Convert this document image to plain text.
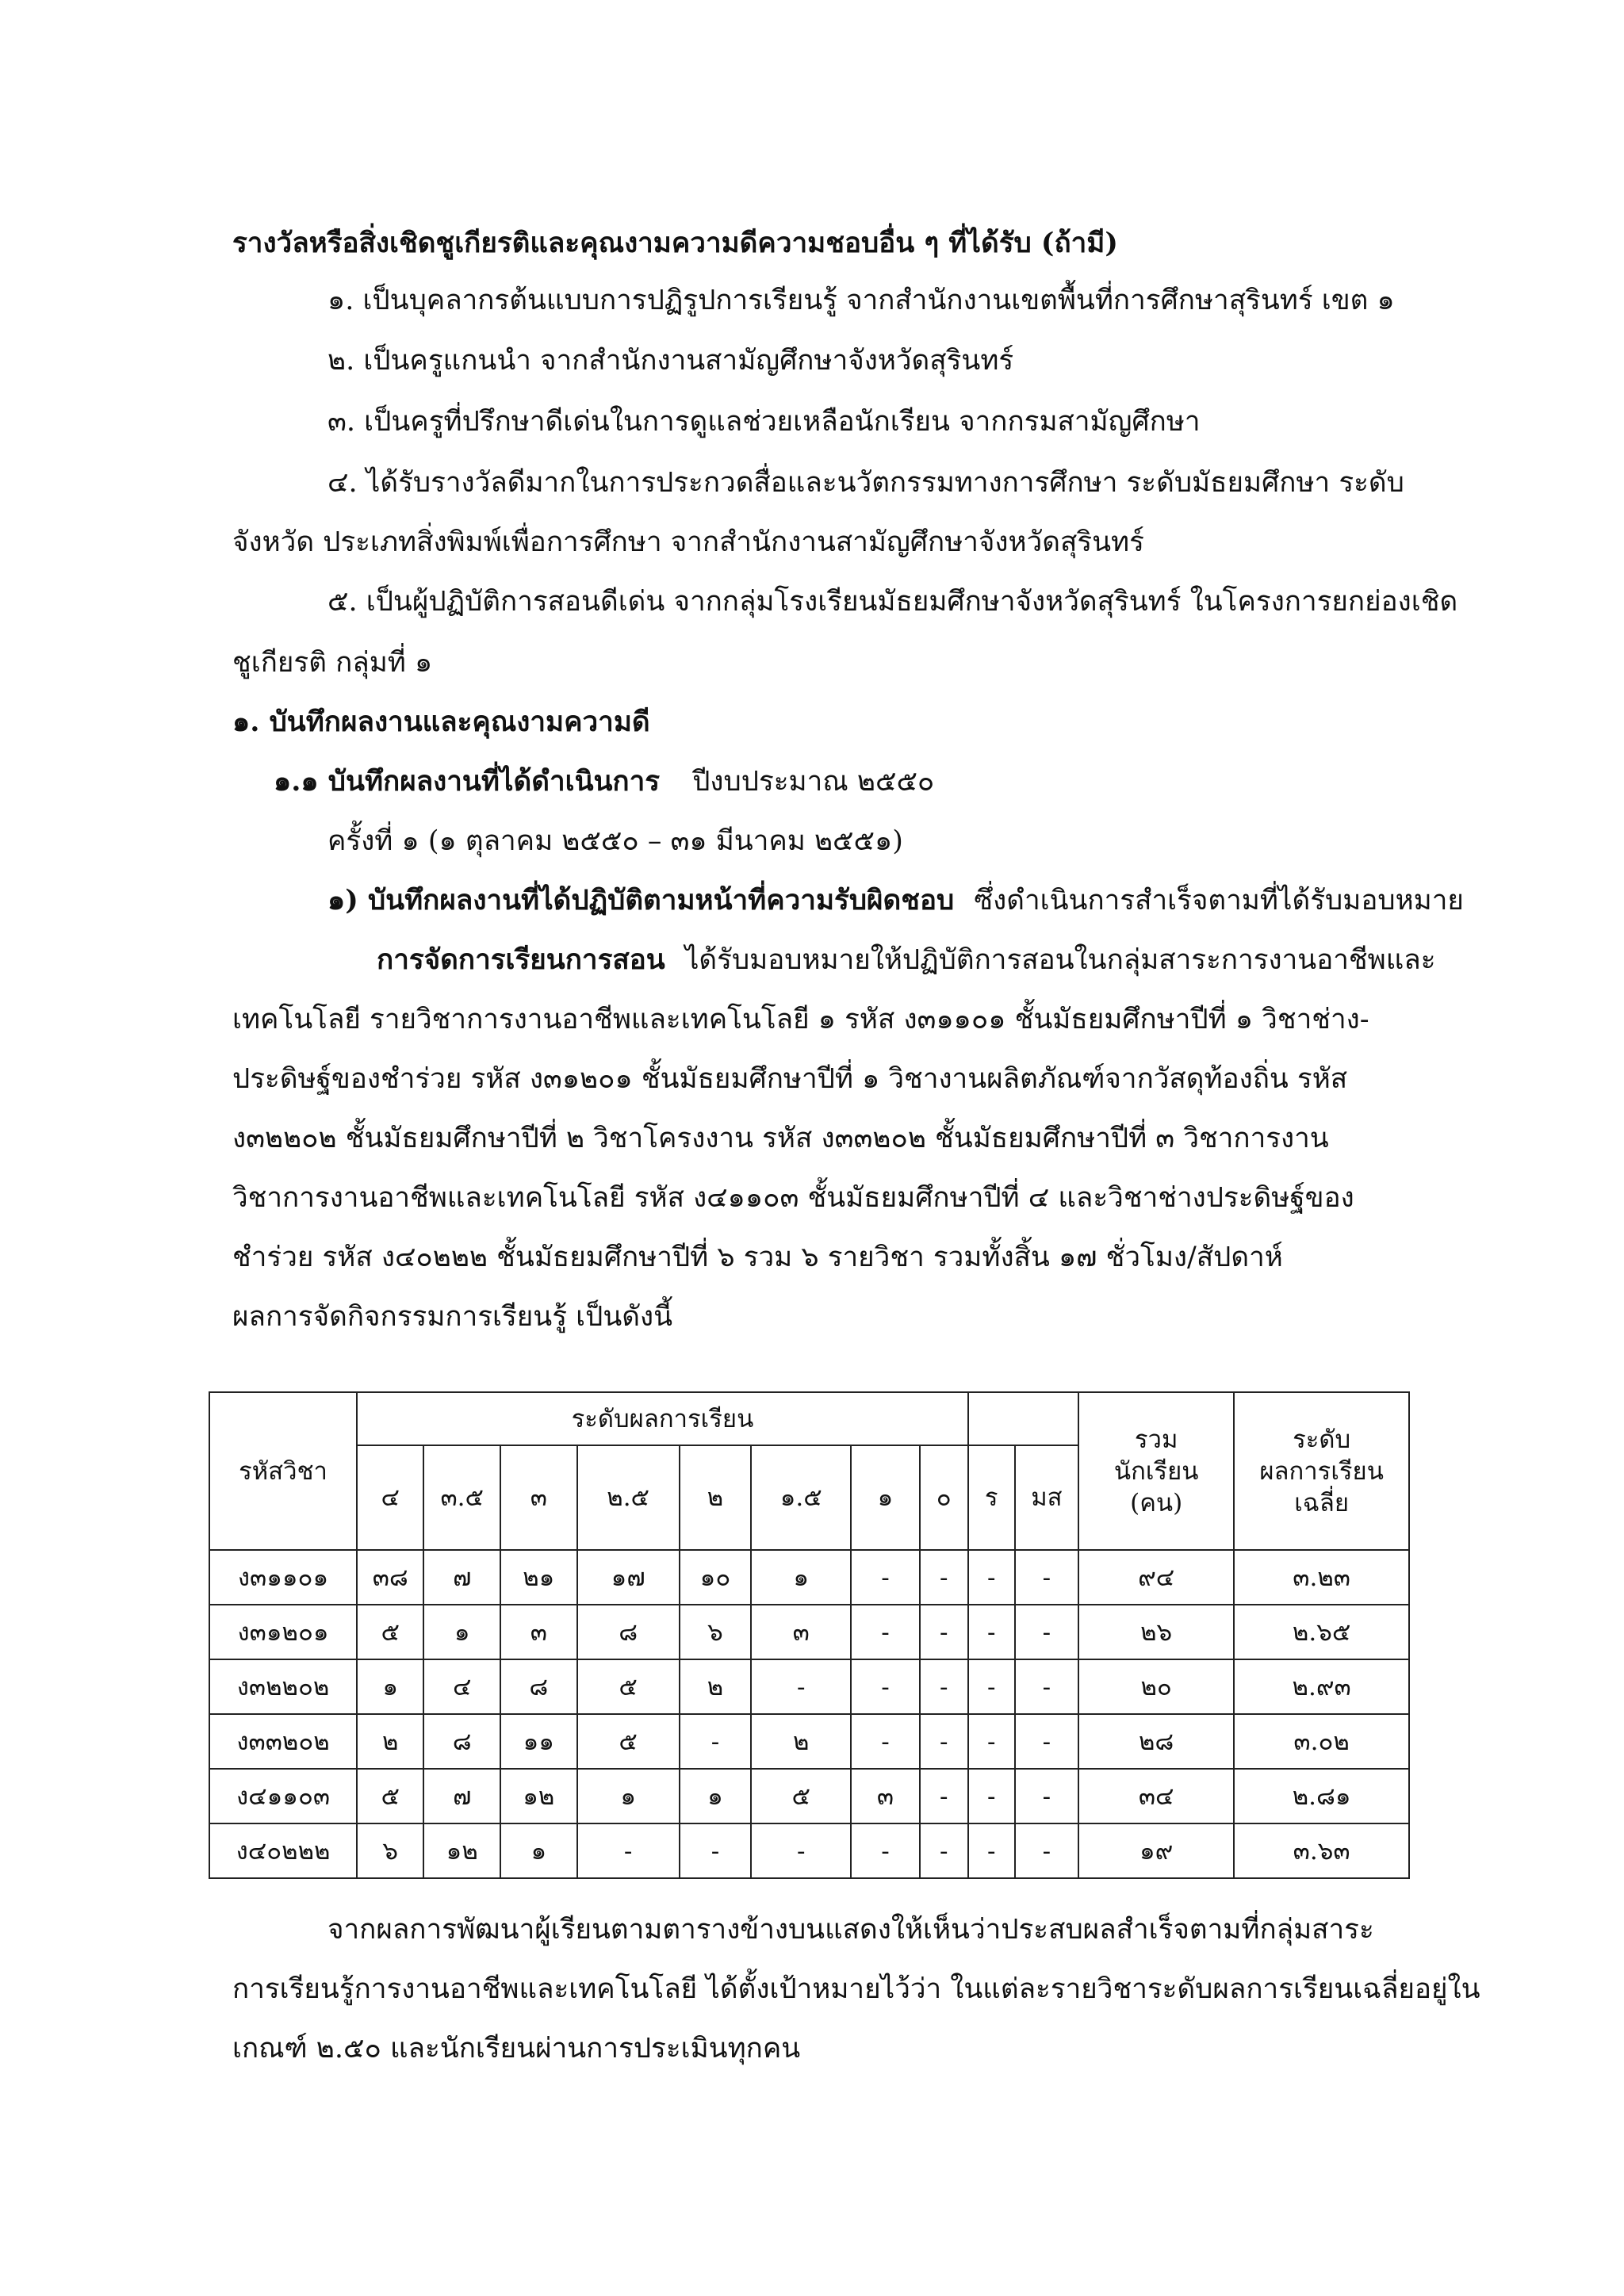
รางวัลหรือสิ่งเชิดชูเกียรติและคุณงามความดีความชอบอื่น ๆ ที่ได้รับ (ถ้ามี)
๑. เป็นบุคลากรต้นแบบการปฏิรูปการเรียนรู้ จากสำนักงานเขตพื้นที่การศึกษาสุรินทร์ เขต ๑
๒. เป็นครูแกนนำ จากสำนักงานสามัญศึกษาจังหวัดสุรินทร์
๓. เป็นครูที่ปรึกษาดีเด่นในการดูแลช่วยเหลือนักเรียน จากกรมสามัญศึกษา
๔. ได้รับรางวัลดีมากในการประกวดสื่อและนวัตกรรมทางการศึกษา ระดับมัธยมศึกษา ระดับ
จังหวัด ประเภทสิ่งพิมพ์เพื่อการศึกษา จากสำนักงานสามัญศึกษาจังหวัดสุรินทร์
๕. เป็นผู้ปฏิบัติการสอนดีเด่น จากกลุ่มโรงเรียนมัธยมศึกษาจังหวัดสุรินทร์ ในโครงการยกย่องเชิด
ชูเกียรติ กลุ่มที่ ๑
๑. บันทึกผลงานและคุณงามความดี
๑.๑ บันทึกผลงานที่ได้ดำเนินการ ปีงบประมาณ ๒๕๕๐
ครั้งที่ ๑ (๑ ตุลาคม ๒๕๕๐ – ๓๑ มีนาคม ๒๕๕๑)
๑) บันทึกผลงานที่ได้ปฏิบัติตามหน้าที่ความรับผิดชอบ ซึ่งดำเนินการสำเร็จตามที่ได้รับมอบหมาย
การจัดการเรียนการสอน ได้รับมอบหมายให้ปฏิบัติการสอนในกลุ่มสาระการงานอาชีพและ
เทคโนโลยี รายวิชาการงานอาชีพและเทคโนโลยี ๑ รหัส ง๓๑๑๐๑ ชั้นมัธยมศึกษาปีที่ ๑ วิชาช่าง-
ประดิษฐ์ของชำร่วย รหัส ง๓๑๒๐๑ ชั้นมัธยมศึกษาปีที่ ๑ วิชางานผลิตภัณฑ์จากวัสดุท้องถิ่น รหัส
ง๓๒๒๐๒ ชั้นมัธยมศึกษาปีที่ ๒ วิชาโครงงาน รหัส ง๓๓๒๐๒ ชั้นมัธยมศึกษาปีที่ ๓ วิชาการงาน
วิชาการงานอาชีพและเทคโนโลยี รหัส ง๔๑๑๐๓ ชั้นมัธยมศึกษาปีที่ ๔ และวิชาช่างประดิษฐ์ของ
ชำร่วย รหัส ง๔๐๒๒๒ ชั้นมัธยมศึกษาปีที่ ๖ รวม ๖ รายวิชา รวมทั้งสิ้น ๑๗ ชั่วโมง/สัปดาห์
ผลการจัดกิจกรรมการเรียนรู้ เป็นดังนี้
รหัสวิชา	ระดับผลการเรียน										รวม
นักเรียน
(คน)	ระดับ
ผลการเรียน
เฉลี่ย

	๔	๓.๕	๓	๒.๕	๒	๑.๕	๑	๐	ร	มส		
ง๓๑๑๐๑	๓๘	๗	๒๑	๑๗	๑๐	๑	-	-	-	-	๙๔	๓.๒๓
ง๓๑๒๐๑	๕	๑	๓	๘	๖	๓	-	-	-	-	๒๖	๒.๖๕
ง๓๒๒๐๒	๑	๔	๘	๕	๒	-	-	-	-	-	๒๐	๒.๙๓
ง๓๓๒๐๒	๒	๘	๑๑	๕	-	๒	-	-	-	-	๒๘	๓.๐๒
ง๔๑๑๐๓	๕	๗	๑๒	๑	๑	๕	๓	-	-	-	๓๔	๒.๘๑
ง๔๐๒๒๒	๖	๑๒	๑	-	-	-	-	-	-	-	๑๙	๓.๖๓
จากผลการพัฒนาผู้เรียนตามตารางข้างบนแสดงให้เห็นว่าประสบผลสำเร็จตามที่กลุ่มสาระ
การเรียนรู้การงานอาชีพและเทคโนโลยี ได้ตั้งเป้าหมายไว้ว่า ในแต่ละรายวิชาระดับผลการเรียนเฉลี่ยอยู่ใน
เกณฑ์ ๒.๕๐ และนักเรียนผ่านการประเมินทุกคน
